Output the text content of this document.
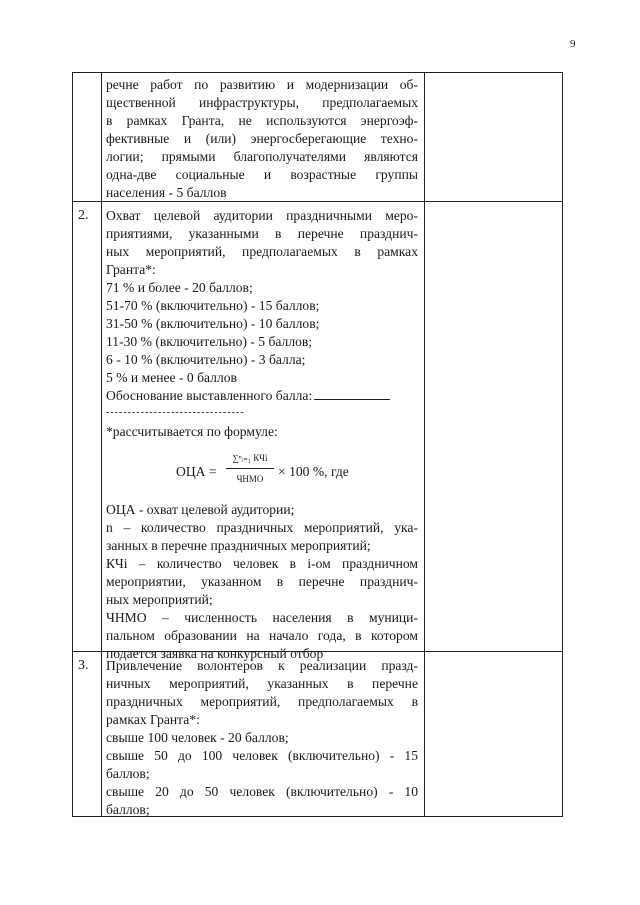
9
речне работ по развитию и модернизации об-
щественной инфраструктуры, предполагаемых
в рамках Гранта, не используются энергоэф-
фективные и (или) энергосберегающие техно-
логии; прямыми благополучателями являются
одна-две социальные и возрастные группы
населения - 5 баллов
2. Охват целевой аудитории праздничными меро-
приятиями, указанными в перечне празднич-
ных мероприятий, предполагаемых в рамках
Гранта*:
71 % и более - 20 баллов;
51-70 % (включительно) - 15 баллов;
31-50 % (включительно) - 10 баллов;
11-30 % (включительно) - 5 баллов;
6 - 10 % (включительно) - 3 балла;
5 % и менее - 0 баллов
Обоснование выставленного балла:
--------------------------------
*рассчитывается по формуле:
ОЦА =
∑ⁿᵢ₌₁ КЧi
ЧНМО	× 100 %, где
ОЦА - охват целевой аудитории;
n – количество праздничных мероприятий, ука-
занных в перечне праздничных мероприятий;
КЧi – количество человек в i-ом праздничном
мероприятии, указанном в перечне празднич-
ных мероприятий;
ЧНМО – численность населения в муници-
пальном образовании на начало года, в котором
подается заявка на конкурсный отбор
3. Привлечение волонтеров к реализации празд-
ничных мероприятий, указанных в перечне
праздничных мероприятий, предполагаемых в
рамках Гранта*:
свыше 100 человек - 20 баллов;
свыше 50 до 100 человек (включительно) - 15
баллов;
свыше 20 до 50 человек (включительно) - 10
баллов;
